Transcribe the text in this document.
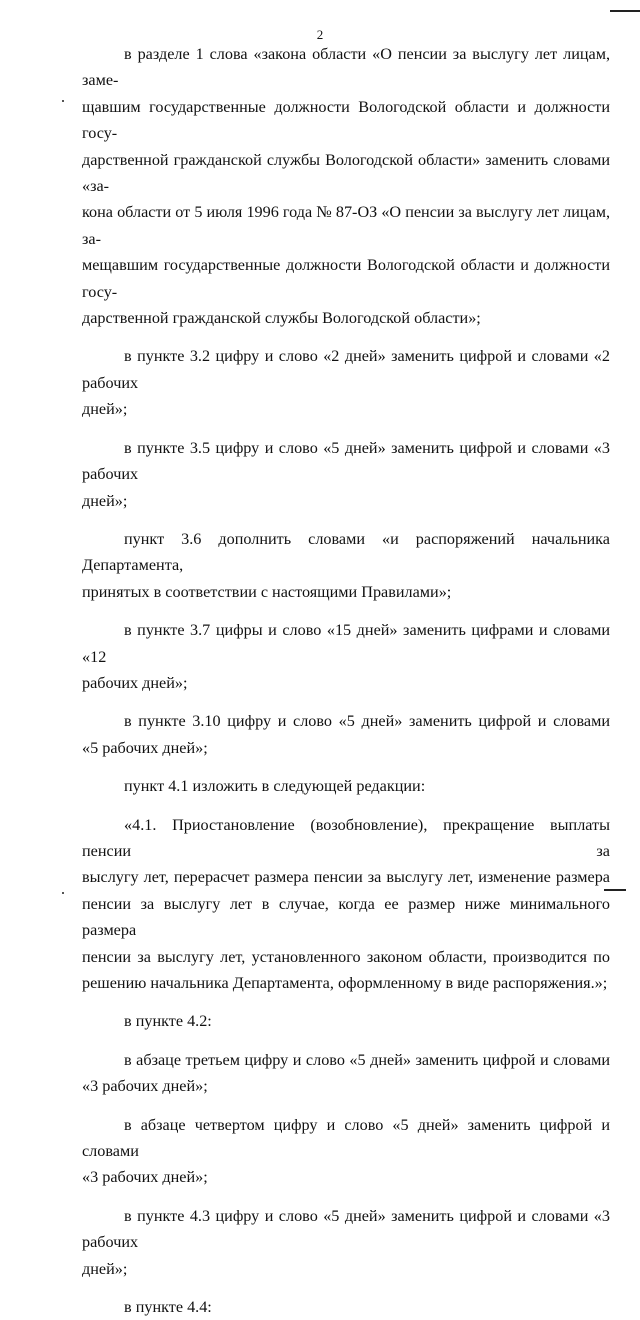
2

в разделе 1 слова «закона области «О пенсии за выслугу лет лицам, заме-
щавшим государственные должности Вологодской области и должности госу-
дарственной гражданской службы Вологодской области» заменить словами «за-
кона области от 5 июля 1996 года № 87-ОЗ «О пенсии за выслугу лет лицам, за-
мещавшим государственные должности Вологодской области и должности госу-
дарственной гражданской службы Вологодской области»;

в пункте 3.2 цифру и слово «2 дней» заменить цифрой и словами «2 рабочих
дней»;

в пункте 3.5 цифру и слово «5 дней» заменить цифрой и словами «3 рабочих
дней»;

пункт 3.6 дополнить словами «и распоряжений начальника Департамента,
принятых в соответствии с настоящими Правилами»;

в пункте 3.7 цифры и слово «15 дней» заменить цифрами и словами «12
рабочих дней»;

в пункте 3.10 цифру и слово «5 дней» заменить цифрой и словами
«5 рабочих дней»;

пункт 4.1 изложить в следующей редакции:

«4.1. Приостановление (возобновление), прекращение выплаты пенсии за
выслугу лет, перерасчет размера пенсии за выслугу лет, изменение размера
пенсии за выслугу лет в случае, когда ее размер ниже минимального размера
пенсии за выслугу лет, установленного законом области, производится по
решению начальника Департамента, оформленному в виде распоряжения.»;

в пункте 4.2:

в абзаце третьем цифру и слово «5 дней» заменить цифрой и словами
«3 рабочих дней»;

в абзаце четвертом цифру и слово «5 дней» заменить цифрой и словами
«3 рабочих дней»;

в пункте 4.3 цифру и слово «5 дней» заменить цифрой и словами «3 рабочих
дней»;

в пункте 4.4:
